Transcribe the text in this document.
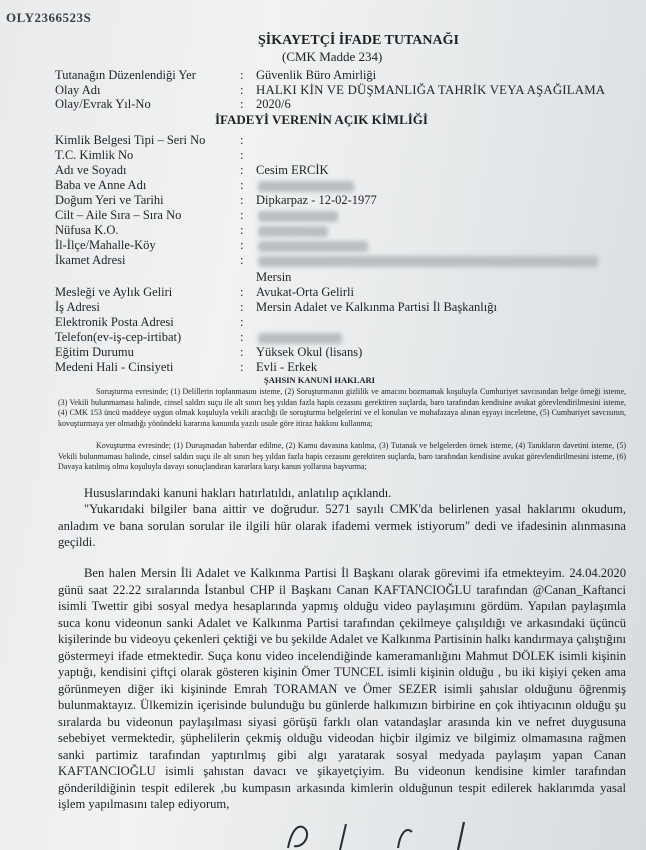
OLY2366523S
ŞİKAYETÇİ İFADE TUTANAĞI
(CMK Madde 234)
Tutanağın Düzenlendiği Yer	: Güvenlik Büro Amirliği
Olay Adı	: HALKI KİN VE DÜŞMANLIĞA TAHRİK VEYA AŞAĞILAMA
Olay/Evrak Yıl-No	: 2020/6
İFADEYİ VERENİN AÇIK KİMLİĞİ
Kimlik Belgesi Tipi – Seri No	:
T.C. Kimlik No	:
Adı ve Soyadı	: Cesim ERCİK
Baba ve Anne Adı	:
Doğum Yeri ve Tarihi	: Dipkarpaz - 12-02-1977
Cilt – Aile Sıra – Sıra No	:
Nüfusa K.O.	:
İl-İlçe/Mahalle-Köy	:
İkamet Adresi	:
Mersin
Mesleği ve Aylık Geliri	: Avukat-Orta Gelirli
İş Adresi	: Mersin Adalet ve Kalkınma Partisi İl Başkanlığı
Elektronik Posta Adresi	:
Telefon(ev-iş-cep-irtibat)	:
Eğitim Durumu	: Yüksek Okul (lisans)
Medeni Hali - Cinsiyeti	: Evli - Erkek
ŞAHSIN KANUNİ HAKLARI

Soruşturma evresinde; (1) Delillerin toplanmasını isteme, (2) Soruşturmanın gizlilik ve amacını bozmamak koşuluyla Cumhuriyet savcısından belge örneği isteme, (3) Vekili bulunmaması halinde, cinsel saldırı suçu ile alt sınırı beş yıldan fazla hapis cezasını gerektiren suçlarda, baro tarafından kendisine avukat görevlendirilmesini isteme, (4) CMK 153 üncü maddeye uygun olmak koşuluyla vekili aracılığı ile soruşturma belgelerini ve el konulan ve muhafazaya alınan eşyayı inceletme, (5) Cumhuriyet savcısının, kovuşturmaya yer olmadığı yönündeki kararına kanunda yazılı usule göre itiraz hakkını kullanma;

Kovuşturma evresinde; (1) Duruşmadan haberdar edilme, (2) Kamu davasına katılma, (3) Tutanak ve belgelerden örnek isteme, (4) Tanıkların davetini isteme, (5) Vekili bulunmaması halinde, cinsel saldırı suçu ile alt sınırı beş yıldan fazla hapis cezasını gerektiren suçlarda, baro tarafından kendisine avukat görevlendirilmesini isteme, (6) Davaya katılmış olma koşuluyla davayı sonuçlandıran kararlara karşı kanun yollarına başvurma;

Hususlarındaki kanuni hakları hatırlatıldı, anlatılıp açıklandı.

"Yukarıdaki bilgiler bana aittir ve doğrudur. 5271 sayılı CMK'da belirlenen yasal haklarımı okudum, anladım ve bana sorulan sorular ile ilgili hür olarak ifademi vermek istiyorum" dedi ve ifadesinin alınmasına geçildi.

Ben halen Mersin İli Adalet ve Kalkınma Partisi İl Başkanı olarak görevimi ifa etmekteyim. 24.04.2020 günü saat 22.22 sıralarında İstanbul CHP il Başkanı Canan KAFTANCIOĞLU tarafından @Canan_Kaftanci isimli Twettir gibi sosyal medya hesaplarında yapmış olduğu video paylaşımını gördüm. Yapılan paylaşımla suca konu videonun sanki Adalet ve Kalkınma Partisi tarafından çekilmeye çalışıldığı ve arkasındaki üçüncü kişilerinde bu videoyu çekenleri çektiği ve bu şekilde Adalet ve Kalkınma Partisinin halkı kandırmaya çalıştığını göstermeyi ifade etmektedir. Suça konu video incelendiğinde kameramanlığını Mahmut DÖLEK isimli kişinin yaptığı, kendisini çiftçi olarak gösteren kişinin Ömer TUNCEL isimli kişinin olduğu , bu iki kişiyi çeken ama görünmeyen diğer iki kişininde Emrah TORAMAN ve Ömer SEZER isimli şahıslar olduğunu öğrenmiş bulunmaktayız. Ülkemizin içerisinde bulunduğu bu günlerde halkımızın birbirine en çok ihtiyacının olduğu şu sıralarda bu videonun paylaşılması siyasi görüşü farklı olan vatandaşlar arasında kin ve nefret duygusuna sebebiyet vermektedir, şüphelilerin çekmiş olduğu videodan hiçbir ilgimiz ve bilgimiz olmamasına rağmen sanki partimiz tarafından yaptırılmış gibi algı yaratarak sosyal medyada paylaşım yapan Canan KAFTANCIOĞLU isimli şahıstan davacı ve şikayetçiyim. Bu videonun kendisine kimler tarafından gönderildiğinin tespit edilerek ,bu kumpasın arkasında kimlerin olduğunun tespit edilerek haklarımda yasal işlem yapılmasını talep ediyorum,
